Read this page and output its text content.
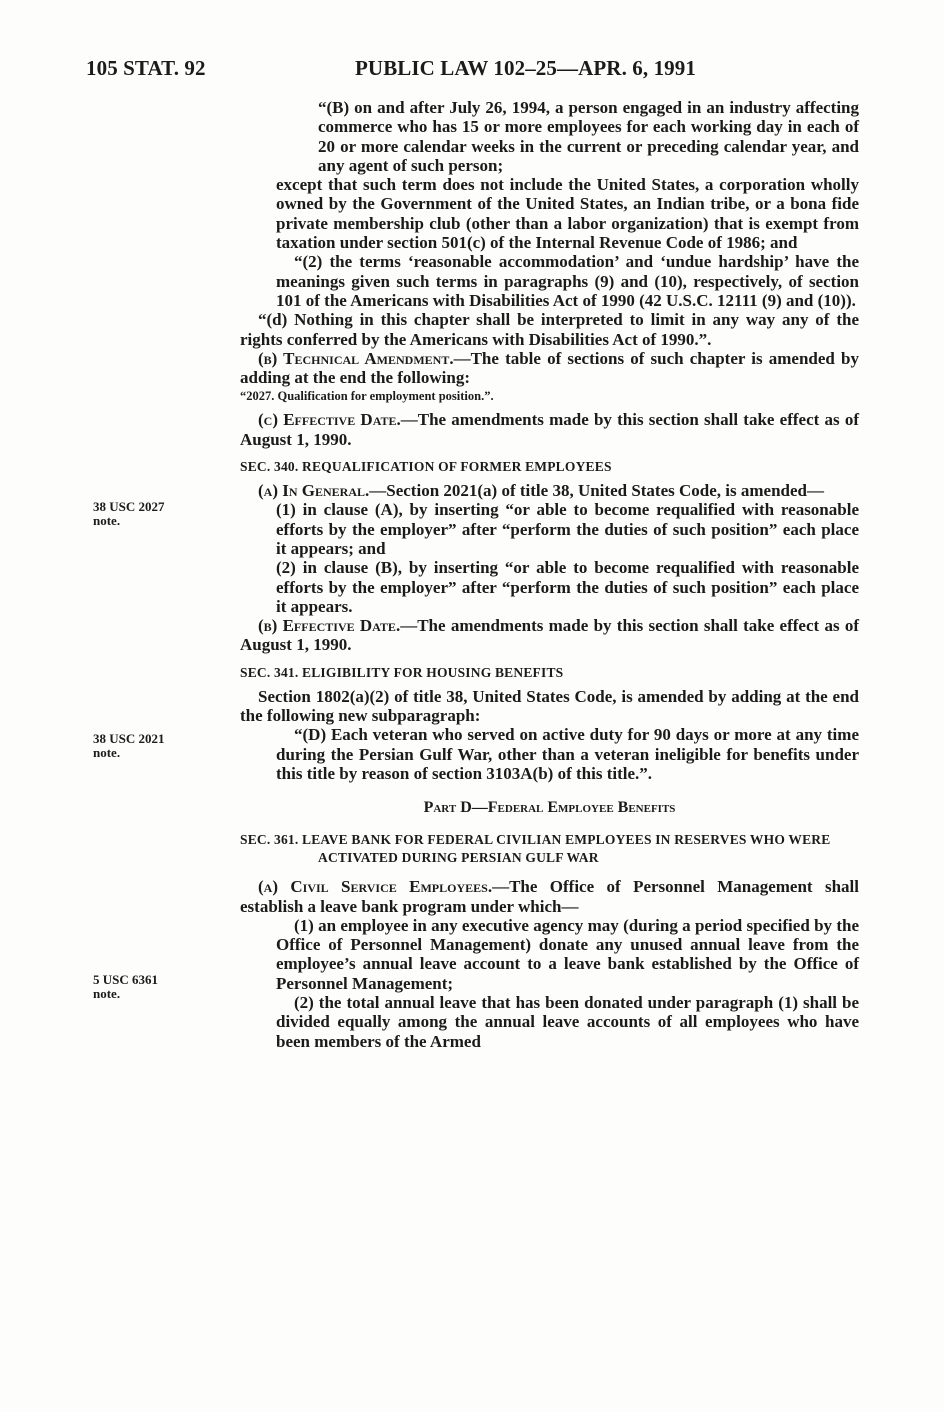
105 STAT. 92	PUBLIC LAW 102–25—APR. 6, 1991
38 USC 2027
note.
38 USC 2021
note.
5 USC 6361
note.

“(B) on and after July 26, 1994, a person engaged in an industry affecting commerce who has 15 or more employees for each working day in each of 20 or more calendar weeks in the current or preceding calendar year, and any agent of such person;

except that such term does not include the United States, a corporation wholly owned by the Government of the United States, an Indian tribe, or a bona fide private membership club (other than a labor organization) that is exempt from taxation under section 501(c) of the Internal Revenue Code of 1986; and

“(2) the terms ‘reasonable accommodation’ and ‘undue hardship’ have the meanings given such terms in paragraphs (9) and (10), respectively, of section 101 of the Americans with Disabilities Act of 1990 (42 U.S.C. 12111 (9) and (10)).

“(d) Nothing in this chapter shall be interpreted to limit in any way any of the rights conferred by the Americans with Disabilities Act of 1990.”.

(b) Technical Amendment.—The table of sections of such chapter is amended by adding at the end the following:

“2027. Qualification for employment position.”.

(c) Effective Date.—The amendments made by this section shall take effect as of August 1, 1990.

SEC. 340. REQUALIFICATION OF FORMER EMPLOYEES

(a) In General.—Section 2021(a) of title 38, United States Code, is amended—

(1) in clause (A), by inserting “or able to become requalified with reasonable efforts by the employer” after “perform the duties of such position” each place it appears; and

(2) in clause (B), by inserting “or able to become requalified with reasonable efforts by the employer” after “perform the duties of such position” each place it appears.

(b) Effective Date.—The amendments made by this section shall take effect as of August 1, 1990.

SEC. 341. ELIGIBILITY FOR HOUSING BENEFITS

Section 1802(a)(2) of title 38, United States Code, is amended by adding at the end the following new subparagraph:

“(D) Each veteran who served on active duty for 90 days or more at any time during the Persian Gulf War, other than a veteran ineligible for benefits under this title by reason of section 3103A(b) of this title.”.

Part D—Federal Employee Benefits
SEC. 361. LEAVE BANK FOR FEDERAL CIVILIAN EMPLOYEES IN RESERVES WHO WERE ACTIVATED DURING PERSIAN GULF WAR

(a) Civil Service Employees.—The Office of Personnel Management shall establish a leave bank program under which—

(1) an employee in any executive agency may (during a period specified by the Office of Personnel Management) donate any unused annual leave from the employee’s annual leave account to a leave bank established by the Office of Personnel Management;

(2) the total annual leave that has been donated under paragraph (1) shall be divided equally among the annual leave accounts of all employees who have been members of the Armed
